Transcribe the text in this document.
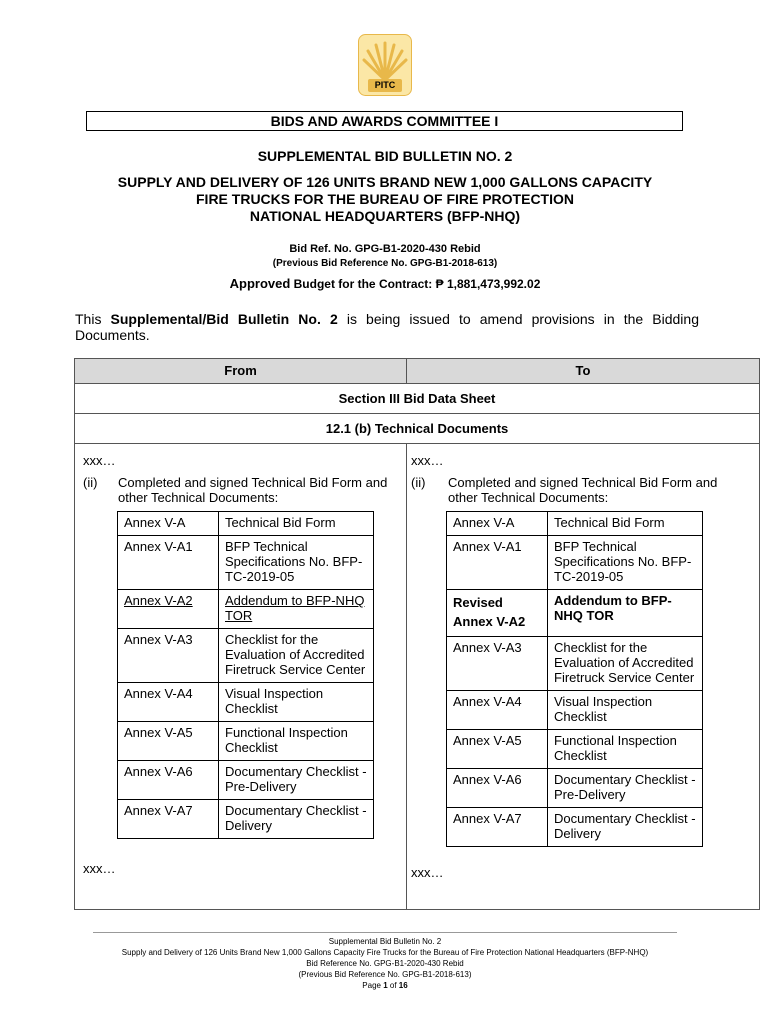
PITC
BIDS AND AWARDS COMMITTEE I
SUPPLEMENTAL BID BULLETIN NO. 2
SUPPLY AND DELIVERY OF 126 UNITS BRAND NEW 1,000 GALLONS CAPACITY
FIRE TRUCKS FOR THE BUREAU OF FIRE PROTECTION
NATIONAL HEADQUARTERS (BFP-NHQ)
Bid Ref. No. GPG-B1-2020-430 Rebid
(Previous Bid Reference No. GPG-B1-2018-613)
Approved Budget for the Contract: ₱ 1,881,473,992.02
This Supplemental/Bid Bulletin No. 2 is being issued to amend provisions in the Bidding Documents.
From	To
Section III Bid Data Sheet
12.1 (b) Technical Documents
xxx…
(ii) Completed and signed Technical Bid Form and other Technical Documents:
Annex V-A	Technical Bid Form
Annex V-A1	BFP Technical Specifications No. BFP-TC-2019-05
Annex V-A2	Addendum to BFP-NHQ TOR
Annex V-A3	Checklist for the Evaluation of Accredited Firetruck Service Center
Annex V-A4	Visual Inspection Checklist
Annex V-A5	Functional Inspection Checklist
Annex V-A6	Documentary Checklist - Pre-Delivery
Annex V-A7	Documentary Checklist - Delivery
xxx…
xxx…
(ii) Completed and signed Technical Bid Form and other Technical Documents:
Annex V-A	Technical Bid Form
Annex V-A1	BFP Technical Specifications No. BFP-TC-2019-05
Revised Annex V-A2	Addendum to BFP-NHQ TOR
Annex V-A3	Checklist for the Evaluation of Accredited Firetruck Service Center
Annex V-A4	Visual Inspection Checklist
Annex V-A5	Functional Inspection Checklist
Annex V-A6	Documentary Checklist - Pre-Delivery
Annex V-A7	Documentary Checklist - Delivery
xxx…
Supplemental Bid Bulletin No. 2
Supply and Delivery of 126 Units Brand New 1,000 Gallons Capacity Fire Trucks for the Bureau of Fire Protection National Headquarters (BFP-NHQ)
Bid Reference No. GPG-B1-2020-430 Rebid
(Previous Bid Reference No. GPG-B1-2018-613)
Page 1 of 16
